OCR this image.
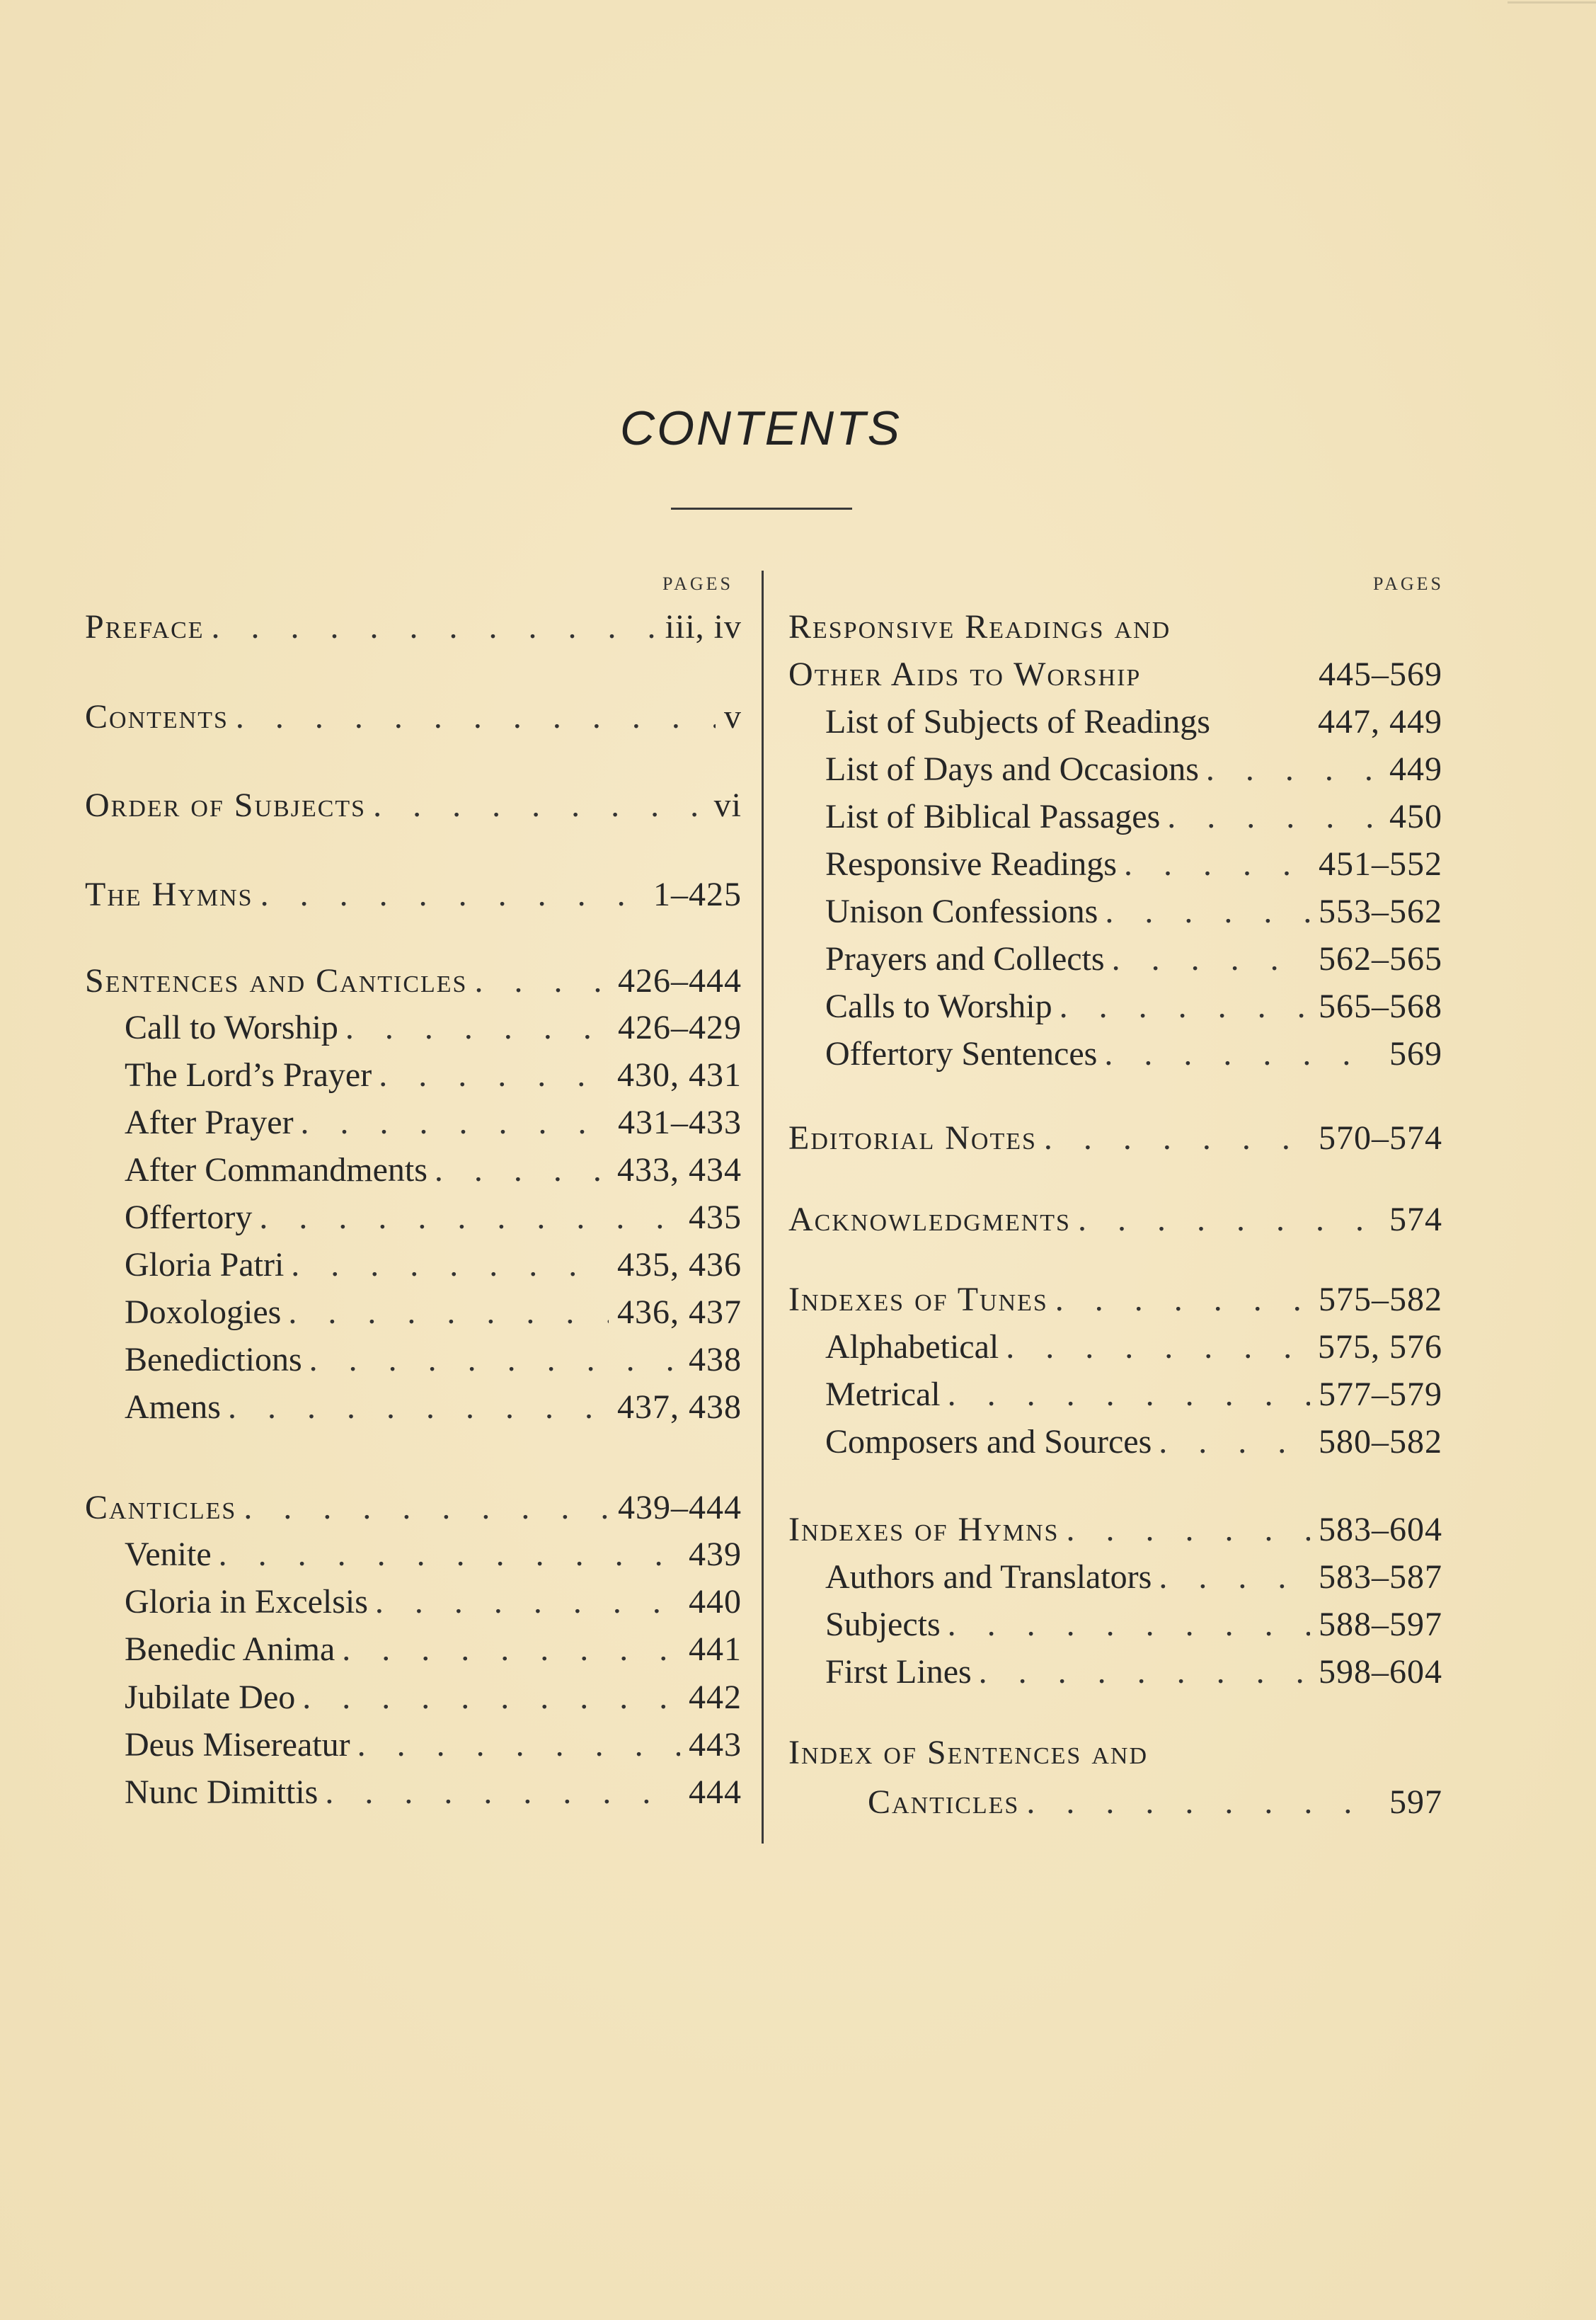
CONTENTS
PAGES	PAGES
Preface . . .	iii, iv
Contents . . .	v
Order of Subjects . . .	vi
The Hymns . . .	1–425
Sentences and Canticles . . .	426–444
Call to Worship . . .	426–429
The Lord’s Prayer . . .	430, 431
After Prayer . . .	431–433
After Commandments . . .	433, 434
Offertory . . .	435
Gloria Patri . . .	435, 436
Doxologies . . .	436, 437
Benedictions . . .	438
Amens . . .	437, 438
Canticles . . .	439–444
Venite . . .	439
Gloria in Excelsis . . .	440
Benedic Anima . . .	441
Jubilate Deo . . .	442
Deus Misereatur . . .	443
Nunc Dimittis . . .	444
Responsive Readings and
Other Aids to Worship	445–569
List of Subjects of Readings	447, 449
List of Days and Occasions . . .	449
List of Biblical Passages . . .	450
Responsive Readings . . .	451–552
Unison Confessions . . .	553–562
Prayers and Collects . . .	562–565
Calls to Worship . . .	565–568
Offertory Sentences . . .	569
Editorial Notes . . .	570–574
Acknowledgments . . .	574
Indexes of Tunes . . .	575–582
Alphabetical . . .	575, 576
Metrical . . .	577–579
Composers and Sources . . .	580–582
Indexes of Hymns . . .	583–604
Authors and Translators . . .	583–587
Subjects . . .	588–597
First Lines . . .	598–604
Index of Sentences and
Canticles . . .	597
